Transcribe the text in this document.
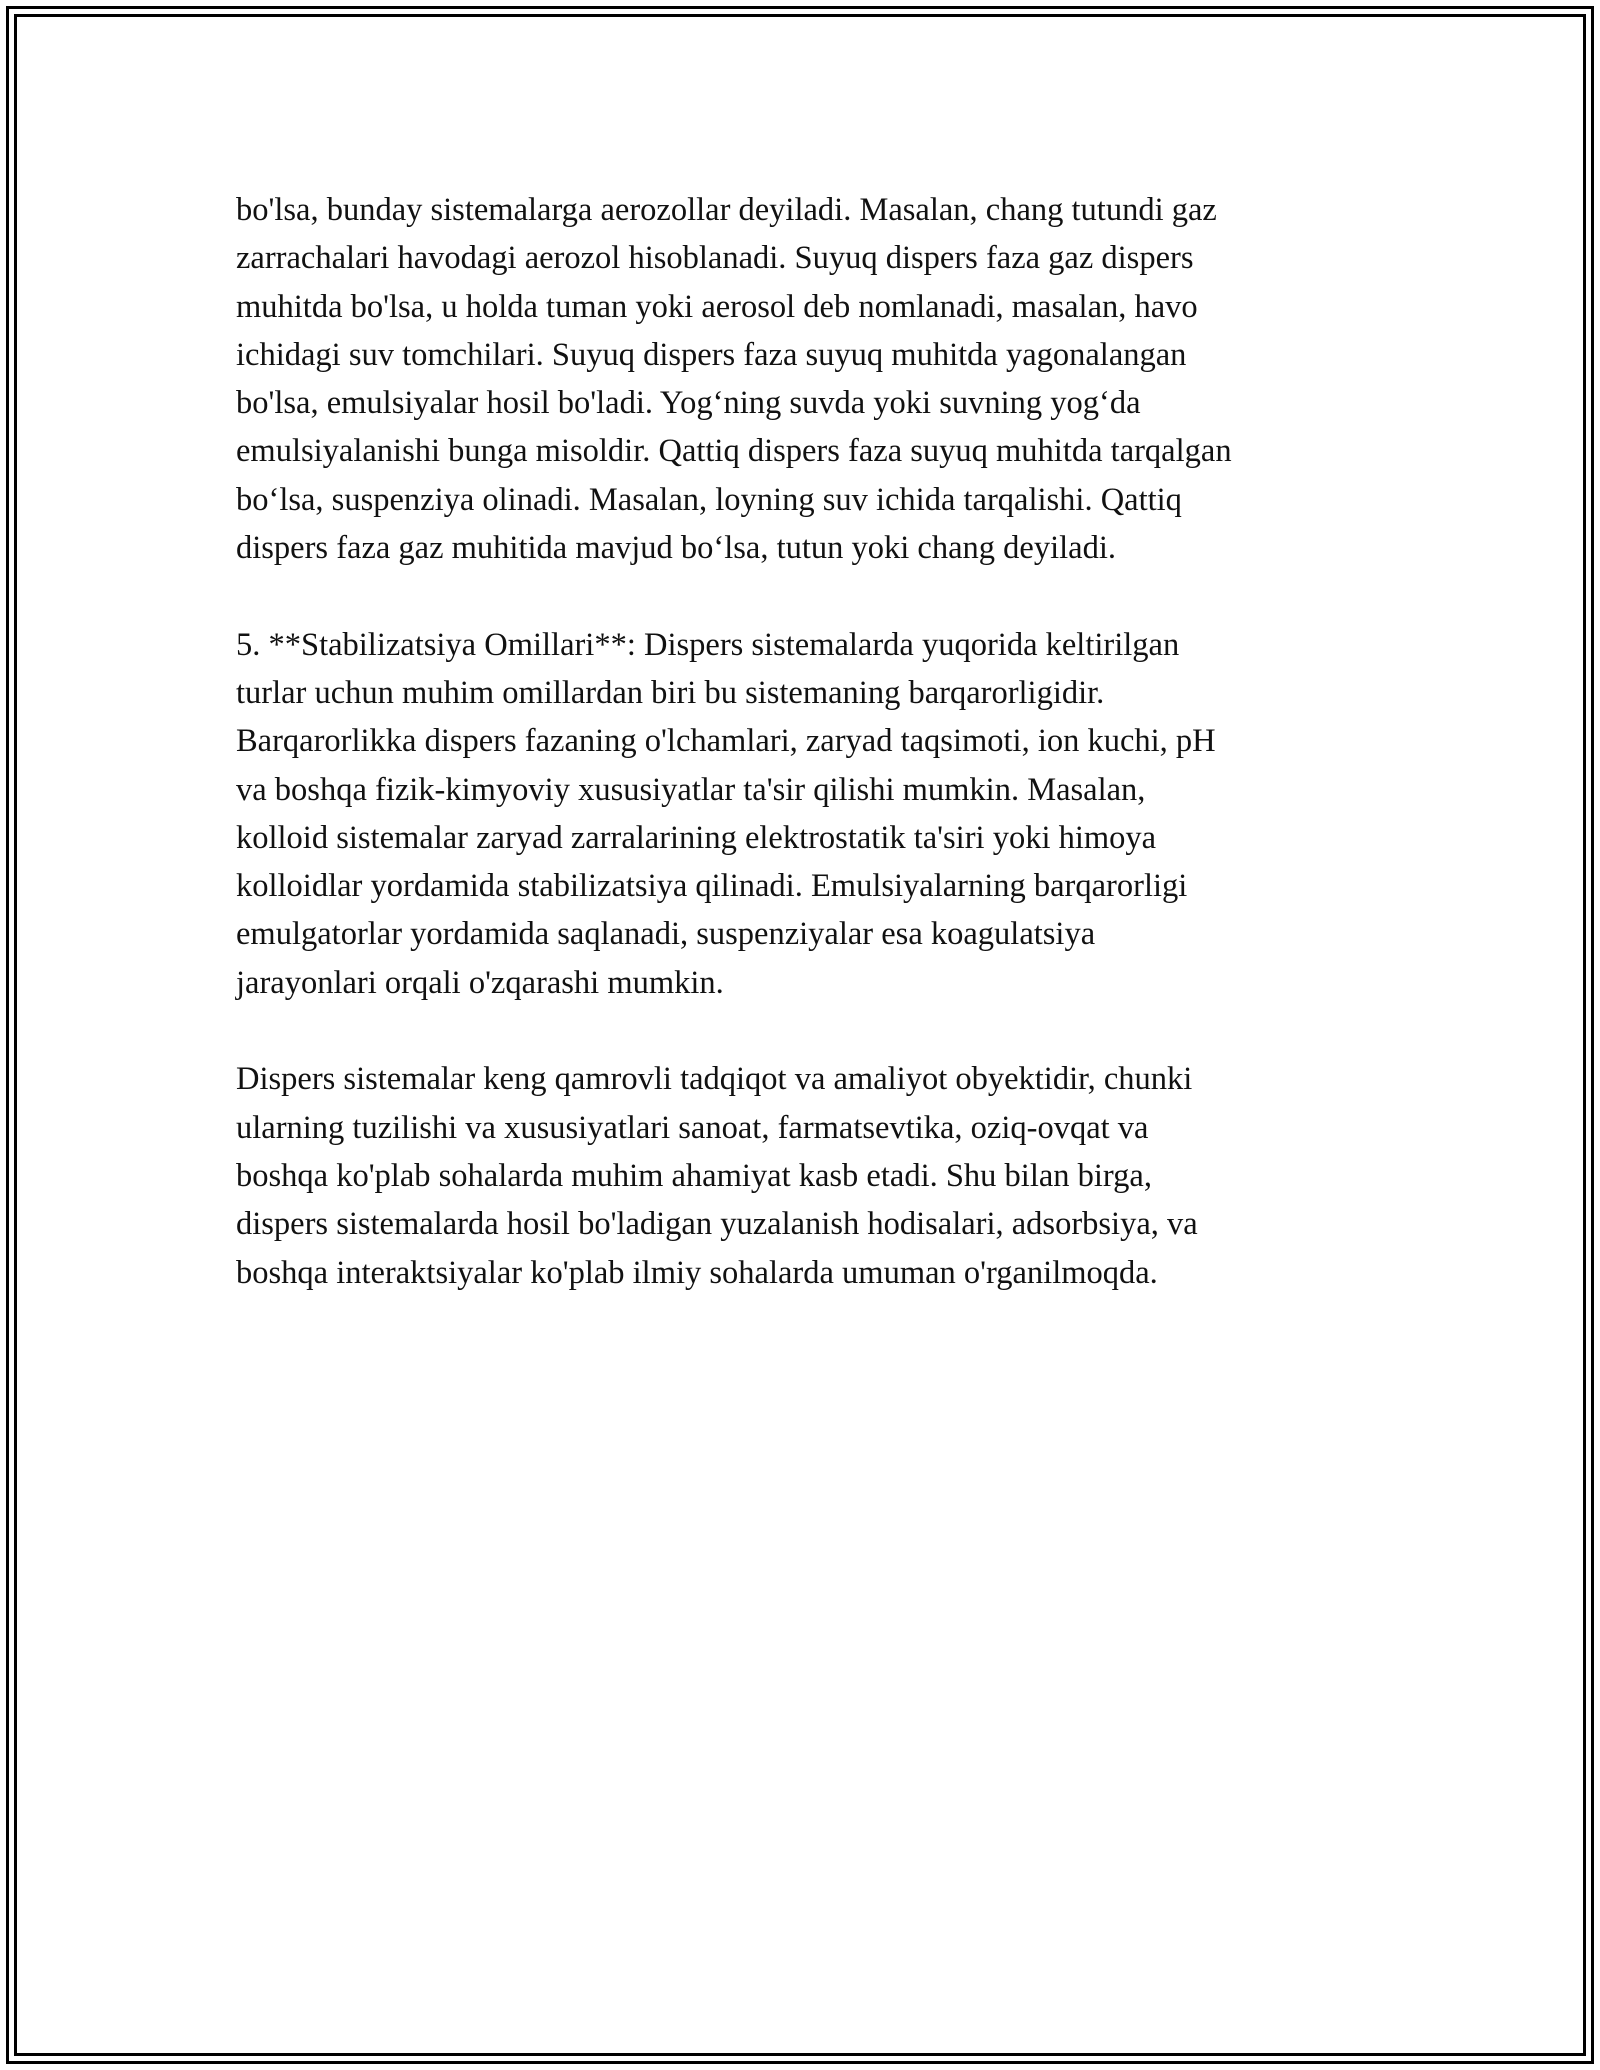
bo'lsa, bunday sistemalarga aerozollar deyiladi. Masalan, chang tutundi gaz
zarrachalari havodagi aerozol hisoblanadi. Suyuq dispers faza gaz dispers
muhitda bo'lsa, u holda tuman yoki aerosol deb nomlanadi, masalan, havo
ichidagi suv tomchilari. Suyuq dispers faza suyuq muhitda yagonalangan
bo'lsa, emulsiyalar hosil bo'ladi. Yog‘ning suvda yoki suvning yog‘da
emulsiyalanishi bunga misoldir. Qattiq dispers faza suyuq muhitda tarqalgan
bo‘lsa, suspenziya olinadi. Masalan, loyning suv ichida tarqalishi. Qattiq
dispers faza gaz muhitida mavjud bo‘lsa, tutun yoki chang deyiladi.

5. **Stabilizatsiya Omillari**: Dispers sistemalarda yuqorida keltirilgan
turlar uchun muhim omillardan biri bu sistemaning barqarorligidir.
Barqarorlikka dispers fazaning o'lchamlari, zaryad taqsimoti, ion kuchi, pH
va boshqa fizik-kimyoviy xususiyatlar ta'sir qilishi mumkin. Masalan,
kolloid sistemalar zaryad zarralarining elektrostatik ta'siri yoki himoya
kolloidlar yordamida stabilizatsiya qilinadi. Emulsiyalarning barqarorligi
emulgatorlar yordamida saqlanadi, suspenziyalar esa koagulatsiya
jarayonlari orqali o'zqarashi mumkin.

Dispers sistemalar keng qamrovli tadqiqot va amaliyot obyektidir, chunki
ularning tuzilishi va xususiyatlari sanoat, farmatsevtika, oziq-ovqat va
boshqa ko'plab sohalarda muhim ahamiyat kasb etadi. Shu bilan birga,
dispers sistemalarda hosil bo'ladigan yuzalanish hodisalari, adsorbsiya, va
boshqa interaktsiyalar ko'plab ilmiy sohalarda umuman o'rganilmoqda.
